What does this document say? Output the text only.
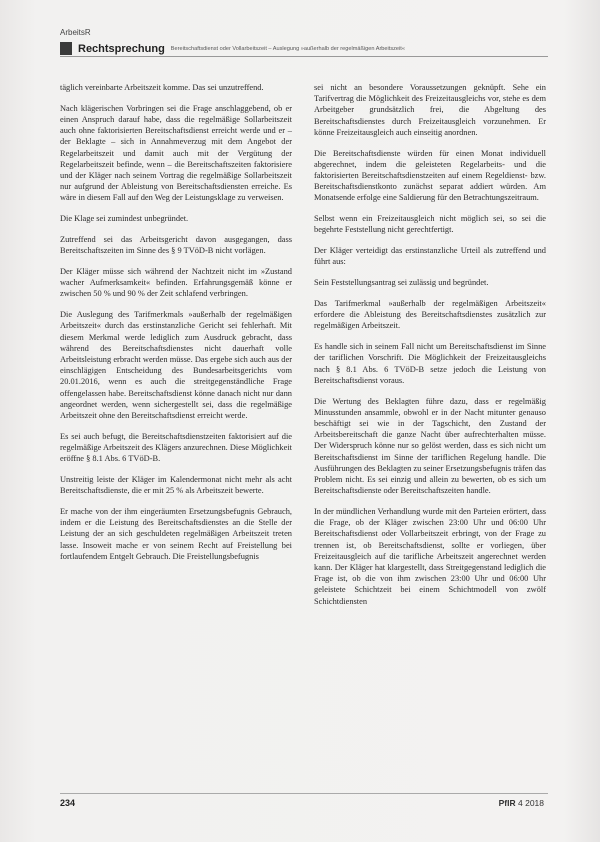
ArbeitsR
Rechtsprechung Bereitschaftsdienst oder Vollarbeitszeit – Auslegung »außerhalb der regelmäßigen Arbeitszeit«

täglich vereinbarte Arbeitszeit komme. Das sei unzutreffend.

Nach klägerischen Vorbringen sei die Frage anschlaggebend, ob er einen Anspruch darauf habe, dass die regelmäßige Sollarbeitszeit auch ohne faktorisierten Bereitschaftsdienst erreicht werde und er – der Beklagte – sich in Annahmeverzug mit dem Angebot der Regelarbeitszeit und damit auch mit der Vergütung der Regelarbeitszeit befinde, wenn – die Bereitschaftszeiten faktorisiere und der Kläger nach seinem Vortrag die regelmäßige Sollarbeitszeit nur aufgrund der Ableistung von Bereitschaftsdiensten erreiche. Es wäre in diesem Fall auf den Weg der Leistungsklage zu verweisen.

Die Klage sei zumindest unbegründet.

Zutreffend sei das Arbeitsgericht davon ausgegangen, dass Bereitschaftszeiten im Sinne des § 9 TVöD-B nicht vorlägen.

Der Kläger müsse sich während der Nachtzeit nicht im »Zustand wacher Aufmerksamkeit« befinden. Erfahrungsgemäß könne er zwischen 50 % und 90 % der Zeit schlafend verbringen.

Die Auslegung des Tarifmerkmals »außerhalb der regelmäßigen Arbeitszeit« durch das erstinstanzliche Gericht sei fehlerhaft. Mit diesem Merkmal werde lediglich zum Ausdruck gebracht, dass während des Bereitschaftsdienstes nicht dauerhaft volle Arbeitsleistung erbracht werden müsse. Das ergebe sich auch aus der einschlägigen Entscheidung des Bundesarbeitsgerichts vom 20.01.2016, wenn es auch die streitgegenständliche Frage offengelassen habe. Bereitschaftsdienst könne danach nicht nur dann angeordnet werden, wenn sichergestellt sei, dass die regelmäßige Arbeitszeit ohne den Bereitschaftsdienst erreicht werde.

Es sei auch befugt, die Bereitschaftsdienstzeiten faktorisiert auf die regelmäßige Arbeitszeit des Klägers anzurechnen. Diese Möglichkeit eröffne § 8.1 Abs. 6 TVöD-B.

Unstreitig leiste der Kläger im Kalendermonat nicht mehr als acht Bereitschaftsdienste, die er mit 25 % als Arbeitszeit bewerte.

Er mache von der ihm eingeräumten Ersetzungsbefugnis Gebrauch, indem er die Leistung des Bereitschaftsdienstes an die Stelle der Leistung der an sich geschuldeten regelmäßigen Arbeitszeit treten lasse. Insoweit mache er von seinem Recht auf Freistellung bei fortlaufendem Entgelt Gebrauch. Die Freistellungsbefugnis

sei nicht an besondere Voraussetzungen geknüpft. Sehe ein Tarifvertrag die Möglichkeit des Freizeitausgleichs vor, stehe es dem Arbeitgeber grundsätzlich frei, die Abgeltung des Bereitschaftsdienstes durch Freizeitausgleich vorzunehmen. Er könne Freizeitausgleich auch einseitig anordnen.

Die Bereitschaftsdienste würden für einen Monat individuell abgerechnet, indem die geleisteten Regelarbeits- und die faktorisierten Bereitschaftsdienstzeiten auf einem Regeldienst- bzw. Bereitschaftsdienstkonto zunächst separat addiert würden. Am Monatsende erfolge eine Saldierung für den Betrachtungszeitraum.

Selbst wenn ein Freizeitausgleich nicht möglich sei, so sei die begehrte Feststellung nicht gerechtfertigt.

Der Kläger verteidigt das erstinstanzliche Urteil als zutreffend und führt aus:

Sein Feststellungsantrag sei zulässig und begründet.

Das Tarifmerkmal »außerhalb der regelmäßigen Arbeitszeit« erfordere die Ableistung des Bereitschaftsdienstes zusätzlich zur regelmäßigen Arbeitszeit.

Es handle sich in seinem Fall nicht um Bereitschaftsdienst im Sinne der tariflichen Vorschrift. Die Möglichkeit der Freizeitausgleichs nach § 8.1 Abs. 6 TVöD-B setze jedoch die Leistung von Bereitschaftsdienst voraus.

Die Wertung des Beklagten führe dazu, dass er regelmäßig Minusstunden ansammle, obwohl er in der Nacht mitunter genauso beschäftigt sei wie in der Tagschicht, den Zustand der Arbeitsbereitschaft die ganze Nacht über aufrechterhalten müsse. Der Widerspruch könne nur so gelöst werden, dass es sich nicht um Bereitschaftsdienst im Sinne der tariflichen Regelung handle. Die Ausführungen des Beklagten zu seiner Ersetzungsbefugnis träfen das Problem nicht. Es sei einzig und allein zu bewerten, ob es sich um Bereitschaftsdienste oder Bereitschaftszeiten handle.

In der mündlichen Verhandlung wurde mit den Parteien erörtert, dass die Frage, ob der Kläger zwischen 23:00 Uhr und 06:00 Uhr Bereitschaftsdienst oder Vollarbeitszeit erbringt, von der Frage zu trennen ist, ob Bereitschaftsdienst, sollte er vorliegen, über Freizeitausgleich auf die tarifliche Arbeitszeit angerechnet werden kann. Der Kläger hat klargestellt, dass Streitgegenstand lediglich die Frage ist, ob die von ihm zwischen 23:00 Uhr und 06:00 Uhr geleistete Schichtzeit bei einem Schichtmodell von zwölf Schichtdiensten

234	PfIR 4 2018
